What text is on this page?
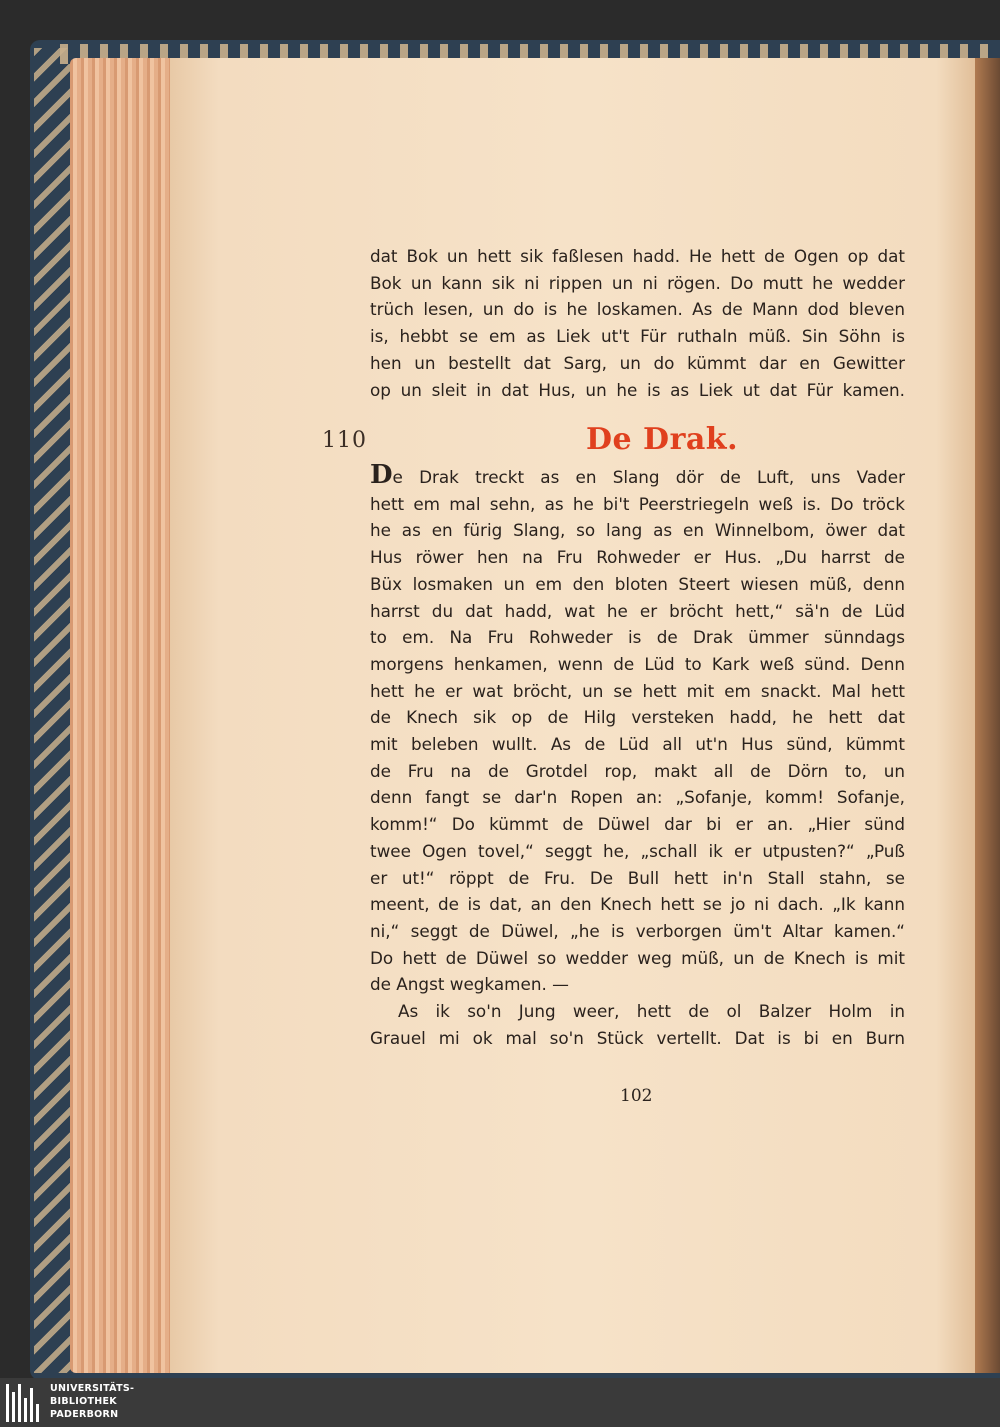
110
dat Bok un hett sik faßlesen hadd. He hett de Ogen op dat
Bok un kann sik ni rippen un ni rögen. Do mutt he wedder
trüch lesen, un do is he loskamen. As de Mann dod bleven
is, hebbt se em as Liek ut't Für ruthaln müß. Sin Söhn is
hen un bestellt dat Sarg, un do kümmt dar en Gewitter
op un sleit in dat Hus, un he is as Liek ut dat Für kamen.
De Drak.
De Drak treckt as en Slang dör de Luft, uns Vader
hett em mal sehn, as he bi't Peerstriegeln weß is. Do tröck
he as en fürig Slang, so lang as en Winnelbom, öwer dat
Hus röwer hen na Fru Rohweder er Hus. „Du harrst de
Büx losmaken un em den bloten Steert wiesen müß, denn
harrst du dat hadd, wat he er bröcht hett,“ sä'n de Lüd
to em. Na Fru Rohweder is de Drak ümmer sünndags
morgens henkamen, wenn de Lüd to Kark weß sünd. Denn
hett he er wat bröcht, un se hett mit em snackt. Mal hett
de Knech sik op de Hilg versteken hadd, he hett dat
mit beleben wullt. As de Lüd all ut'n Hus sünd, kümmt
de Fru na de Grotdel rop, makt all de Dörn to, un
denn fangt se dar'n Ropen an: „Sofanje, komm! Sofanje,
komm!“ Do kümmt de Düwel dar bi er an. „Hier sünd
twee Ogen tovel,“ seggt he, „schall ik er utpusten?“ „Puß
er ut!“ röppt de Fru. De Bull hett in'n Stall stahn, se
meent, de is dat, an den Knech hett se jo ni dach. „Ik kann
ni,“ seggt de Düwel, „he is verborgen üm't Altar kamen.“
Do hett de Düwel so wedder weg müß, un de Knech is mit
de Angst wegkamen. —
As ik so'n Jung weer, hett de ol Balzer Holm in
Grauel mi ok mal so'n Stück vertellt. Dat is bi en Burn
102
UNIVERSITÄTS-
BIBLIOTHEK
PADERBORN
